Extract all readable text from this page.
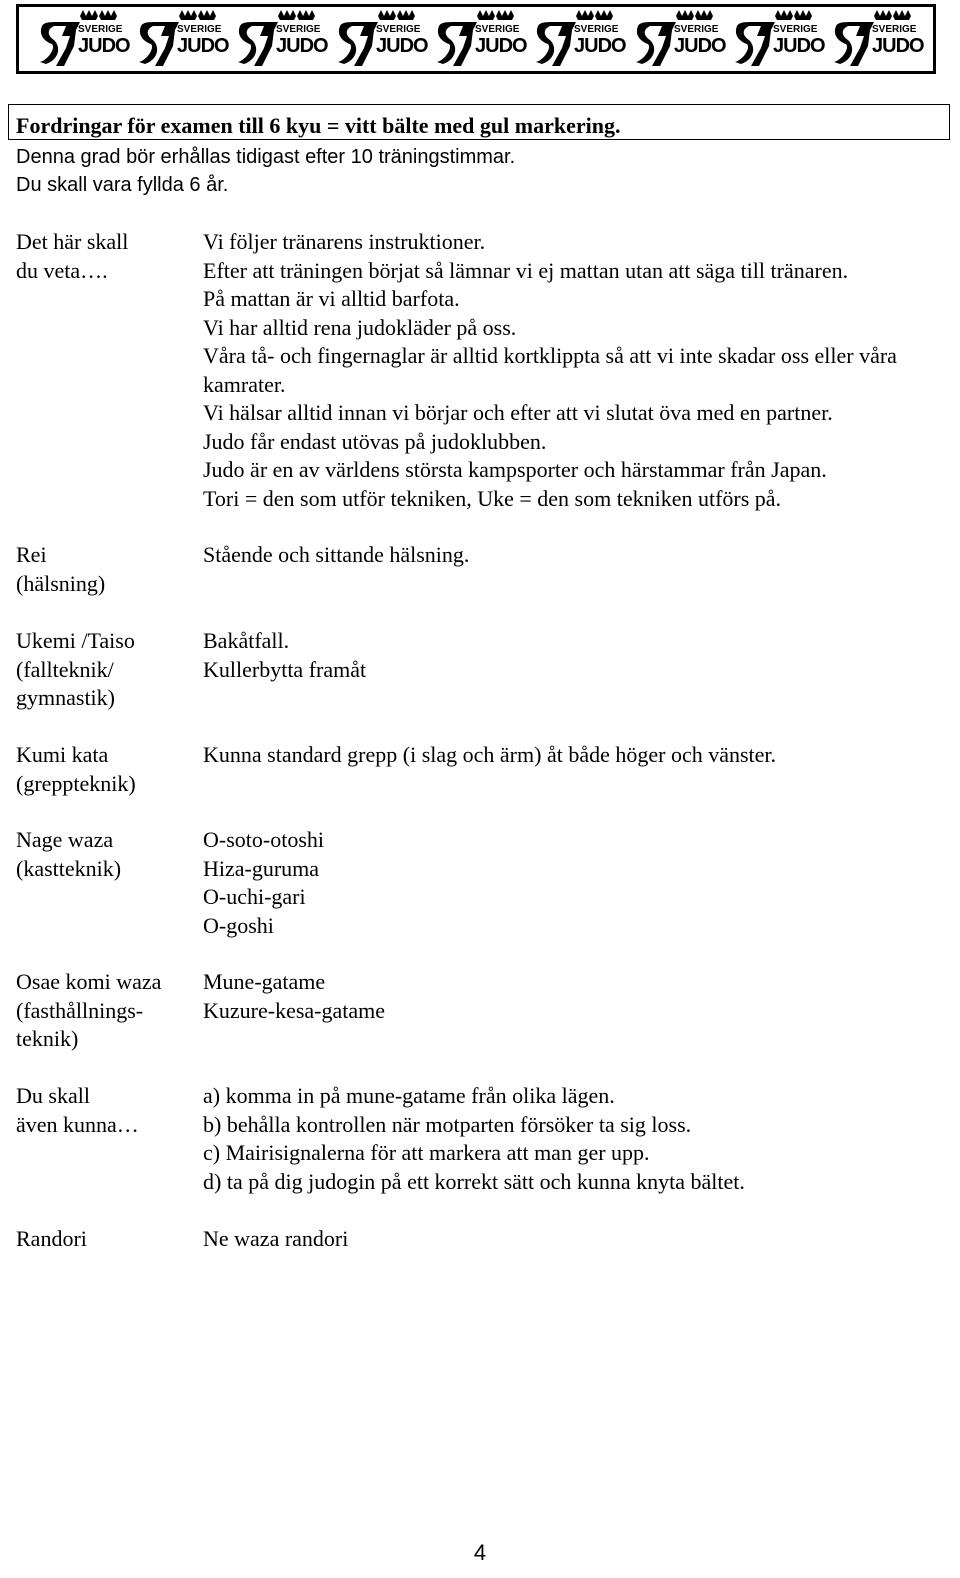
SVERIGE
JUDO
SVERIGE
JUDO
SVERIGE
JUDO
SVERIGE
JUDO
SVERIGE
JUDO
SVERIGE
JUDO
SVERIGE
JUDO
SVERIGE
JUDO
SVERIGE
JUDO
Fordringar för examen till 6 kyu = vitt bälte med gul markering.
Denna grad bör erhållas tidigast efter 10 träningstimmar.
Du skall vara fyllda 6 år.
Det här skall
du veta….
Vi följer tränarens instruktioner.
Efter att träningen börjat så lämnar vi ej mattan utan att säga till tränaren.
På mattan är vi alltid barfota.
Vi har alltid rena judokläder på oss.
Våra tå- och fingernaglar är alltid kortklippta så att vi inte skadar oss eller våra kamrater.
Vi hälsar alltid innan vi börjar och efter att vi slutat öva med en partner.
Judo får endast utövas på judoklubben.
Judo är en av världens största kampsporter och härstammar från Japan.
Tori = den som utför tekniken, Uke = den som tekniken utförs på.
Rei
(hälsning)
Stående och sittande hälsning.
Ukemi /Taiso
(fallteknik/
gymnastik)
Bakåtfall.
Kullerbytta framåt
Kumi kata
(greppteknik)
Kunna standard grepp (i slag och ärm) åt både höger och vänster.
Nage waza
(kastteknik)
O-soto-otoshi
Hiza-guruma
O-uchi-gari
O-goshi
Osae komi waza
(fasthållnings-
teknik)
Mune-gatame
Kuzure-kesa-gatame
Du skall
även kunna…
a) komma in på mune-gatame från olika lägen.
b) behålla kontrollen när motparten försöker ta sig loss.
c) Mairisignalerna för att markera att man ger upp.
d) ta på dig judogin på ett korrekt sätt och kunna knyta bältet.
Randori	Ne waza randori
4
